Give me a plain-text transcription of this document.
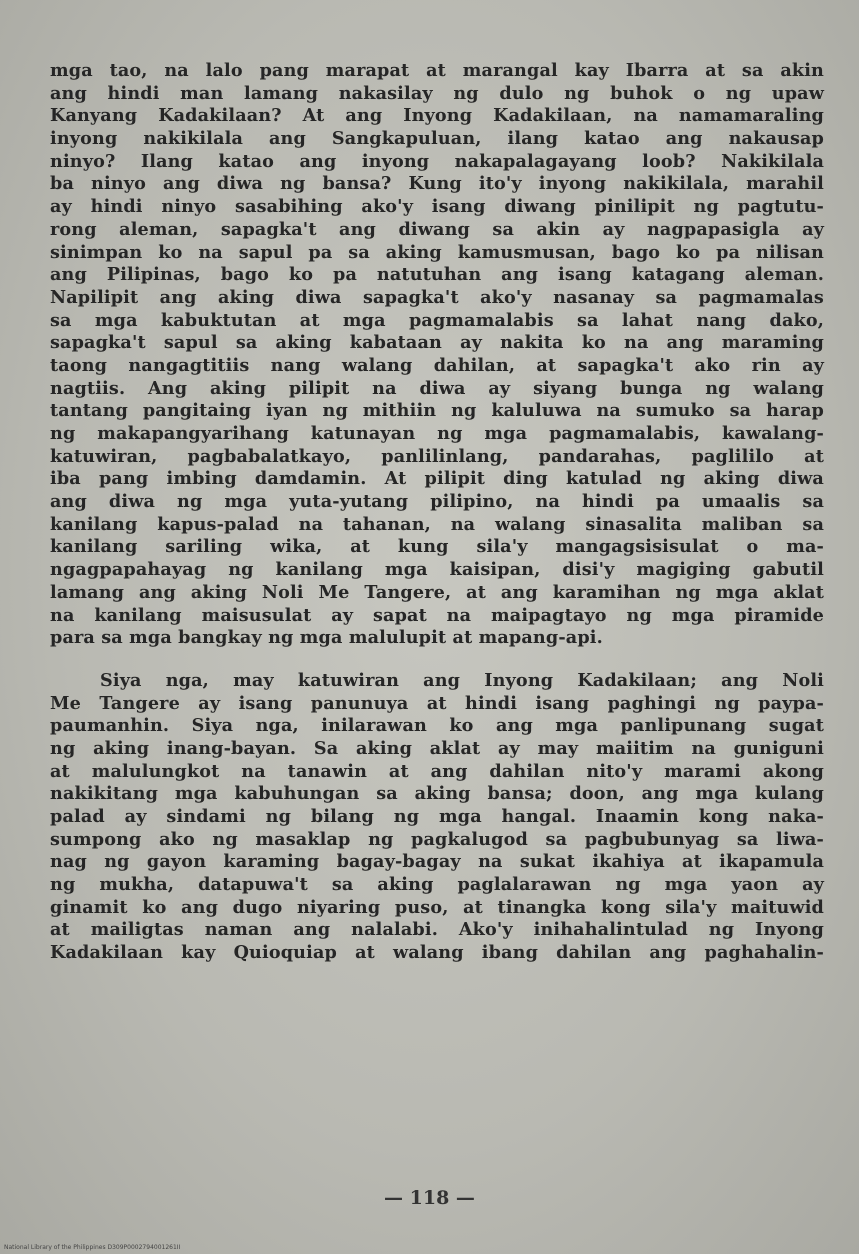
mga tao, na lalo pang marapat at marangal kay Ibarra at sa akin
ang hindi man lamang nakasilay ng dulo ng buhok o ng upaw
Kanyang Kadakilaan? At ang Inyong Kadakilaan, na namamaraling
inyong nakikilala ang Sangkapuluan, ilang katao ang nakausap
ninyo? Ilang katao ang inyong nakapalagayang loob? Nakikilala
ba ninyo ang diwa ng bansa? Kung ito'y inyong nakikilala, marahil
ay hindi ninyo sasabihing ako'y isang diwang pinilipit ng pagtutu-
rong aleman, sapagka't ang diwang sa akin ay nagpapasigla ay
sinimpan ko na sapul pa sa aking kamusmusan, bago ko pa nilisan
ang Pilipinas, bago ko pa natutuhan ang isang katagang aleman.
Napilipit ang aking diwa sapagka't ako'y nasanay sa pagmamalas
sa mga kabuktutan at mga pagmamalabis sa lahat nang dako,
sapagka't sapul sa aking kabataan ay nakita ko na ang maraming
taong nangagtitiis nang walang dahilan, at sapagka't ako rin ay
nagtiis. Ang aking pilipit na diwa ay siyang bunga ng walang
tantang pangitaing iyan ng mithiin ng kaluluwa na sumuko sa harap
ng makapangyarihang katunayan ng mga pagmamalabis, kawalang-
katuwiran, pagbabalatkayo, panlilinlang, pandarahas, paglililo at
iba pang imbing damdamin. At pilipit ding katulad ng aking diwa
ang diwa ng mga yuta-yutang pilipino, na hindi pa umaalis sa
kanilang kapus-palad na tahanan, na walang sinasalita maliban sa
kanilang sariling wika, at kung sila'y mangagsisisulat o ma-
ngagpapahayag ng kanilang mga kaisipan, disi'y magiging gabutil
lamang ang aking Noli Me Tangere, at ang karamihan ng mga aklat
na kanilang maisusulat ay sapat na maipagtayo ng mga piramide
para sa mga bangkay ng mga malulupit at mapang-api.
Siya nga, may katuwiran ang Inyong Kadakilaan; ang Noli
Me Tangere ay isang panunuya at hindi isang paghingi ng paypa-
paumanhin. Siya nga, inilarawan ko ang mga panlipunang sugat
ng aking inang-bayan. Sa aking aklat ay may maiitim na guniguni
at malulungkot na tanawin at ang dahilan nito'y marami akong
nakikitang mga kabuhungan sa aking bansa; doon, ang mga kulang
palad ay sindami ng bilang ng mga hangal. Inaamin kong naka-
sumpong ako ng masaklap ng pagkalugod sa pagbubunyag sa liwa-
nag ng gayon karaming bagay-bagay na sukat ikahiya at ikapamula
ng mukha, datapuwa't sa aking paglalarawan ng mga yaon ay
ginamit ko ang dugo niyaring puso, at tinangka kong sila'y maituwid
at mailigtas naman ang nalalabi. Ako'y inihahalintulad ng Inyong
Kadakilaan kay Quioquiap at walang ibang dahilan ang paghahalin-
— 118 —
National Library of the Philippines D309P0002794001261II
